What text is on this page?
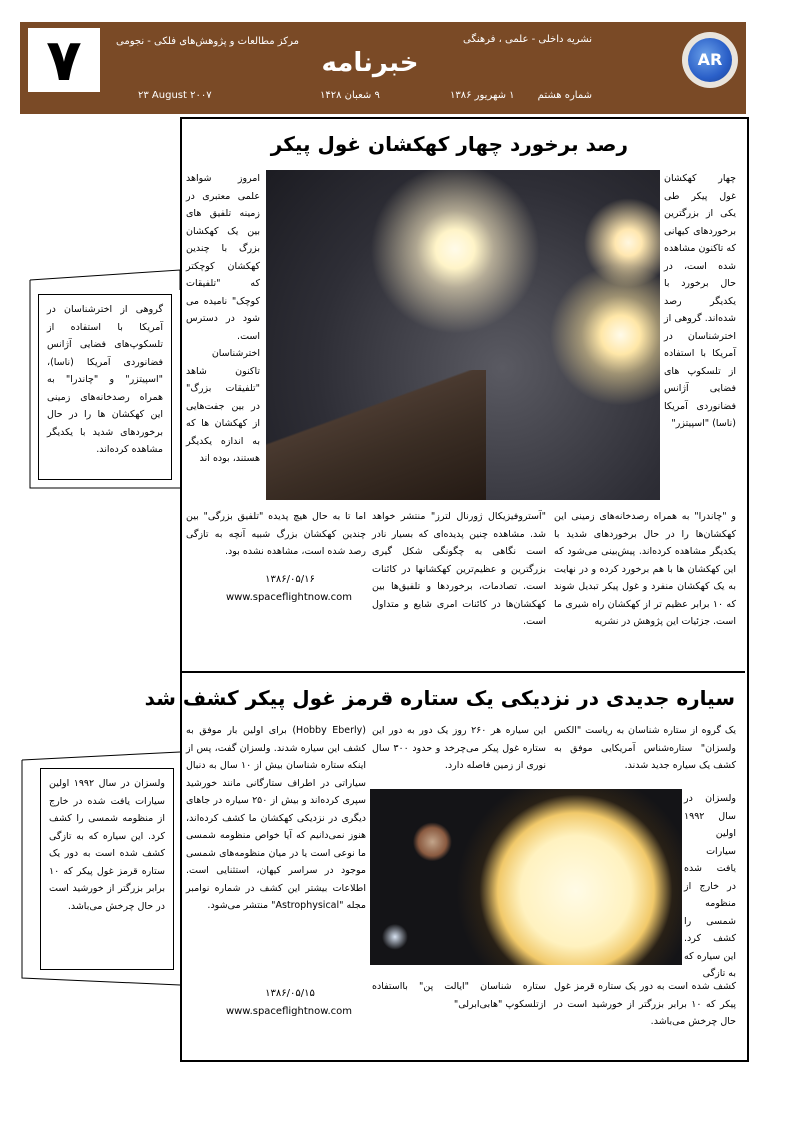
۷	نشریه داخلی - علمی ، فرهنگی
مرکز مطالعات و پژوهش‌های فلکی - نجومی
خبرنامه	AR
شماره هشتم
۱ شهریور ۱۳۸۶
۹ شعبان ۱۴۲۸
۲۳ August ۲۰۰۷
رصد برخورد چهار کهکشان غول پیکر
چهار کهکشان غول پیکر طی یکی از بزرگترین برخوردهای کیهانی که تاکنون مشاهده شده است، در حال برخورد با یکدیگر رصد شده‌اند. گروهی از اخترشناسان در آمریکا با استفاده از تلسکوپ های فضایی آژانس فضانوردی آمریکا (ناسا) "اسپیتزر"
امروز شواهد علمی معتبری در زمینه تلفیق های بین یک کهکشان بزرگ با چندین کهکشان کوچکتر که "تلفیقات کوچک" نامیده می شود در دسترس است. اخترشناسان تاکنون شاهد "تلفیقات بزرگ" در بین جفت‌هایی از کهکشان ها که به اندازه یکدیگر هستند، بوده اند
و "چاندرا" به همراه رصدخانه‌های زمینی این کهکشان‌ها را در حال برخوردهای شدید با یکدیگر مشاهده کرده‌اند. پیش‌بینی می‌شود که این کهکشان ها با هم برخورد کرده و در نهایت به یک کهکشان منفرد و غول پیکر تبدیل شوند که ۱۰ برابر عظیم تر از کهکشان راه شیری ما است. جزئیات این پژوهش در نشریه
"آستروفیزیکال ژورنال لترز" منتشر خواهد شد. مشاهده چنین پدیده‌ای که بسیار نادر است نگاهی به چگونگی شکل گیری بزرگترین و عظیم‌ترین کهکشانها در کائنات است. تصادمات، برخوردها و تلفیق‌ها بین کهکشان‌ها در کائنات امری شایع و متداول است.
اما تا به حال هیچ پدیده "تلفیق بزرگی" بین چندین کهکشان بزرگ شبیه آنچه به تازگی رصد شده است، مشاهده نشده بود.
۱۳۸۶/۰۵/۱۶
www.spaceflightnow.com
سیاره جدیدی در نزدیکی یک ستاره قرمز غول پیکر کشف شد
یک گروه از ستاره شناسان به ریاست "الکس ولسزان" ستاره‌شناس آمریکایی موفق به کشف یک سیاره جدید شدند.
ولسزان در سال ۱۹۹۲ اولین سیارات یافت شده در خارج از منظومه شمسی را کشف کرد. این سیاره که به تازگی
کشف شده است به دور یک ستاره قرمز غول پیکر که ۱۰ برابر بزرگتر از خورشید است در حال چرخش می‌باشد.
این سیاره هر ۲۶۰ روز یک دور به دور این ستاره غول پیکر می‌چرخد و حدود ۳۰۰ سال نوری از زمین فاصله دارد.
ستاره شناسان "ایالت پن" بااستفاده ازتلسکوپ "هابی‌ابرلی"
(Hobby Eberly) برای اولین بار موفق به کشف این سیاره شدند. ولسزان گفت، پس از اینکه ستاره شناسان بیش از ۱۰ سال به دنبال سیاراتی در اطراف ستارگانی مانند خورشید سپری کرده‌اند و بیش از ۲۵۰ سیاره در جاهای دیگری در نزدیکی کهکشان ما کشف کرده‌اند، هنوز نمی‌دانیم که آیا خواص منظومه شمسی ما نوعی است یا در میان منظومه‌های شمسی موجود در سراسر کیهان، استثنایی است. اطلاعات بیشتر این کشف در شماره نوامبر مجله "Astrophysical" منتشر می‌شود.
۱۳۸۶/۰۵/۱۵
www.spaceflightnow.com
گروهی از اخترشناسان در آمریکا با استفاده از تلسکوپ‌های فضایی آژانس فضانوردی آمریکا (ناسا)، "اسپیتزر" و "چاندرا" به همراه رصدخانه‌های زمینی این کهکشان ها را در حال برخوردهای شدید با یکدیگر مشاهده کرده‌اند.
ولسزان در سال ۱۹۹۲ اولین سیارات یافت شده در خارج از منظومه شمسی را کشف کرد. این سیاره که به تازگی کشف شده است به دور یک ستاره قرمز غول پیکر که ۱۰ برابر بزرگتر از خورشید است در حال چرخش می‌باشد.
